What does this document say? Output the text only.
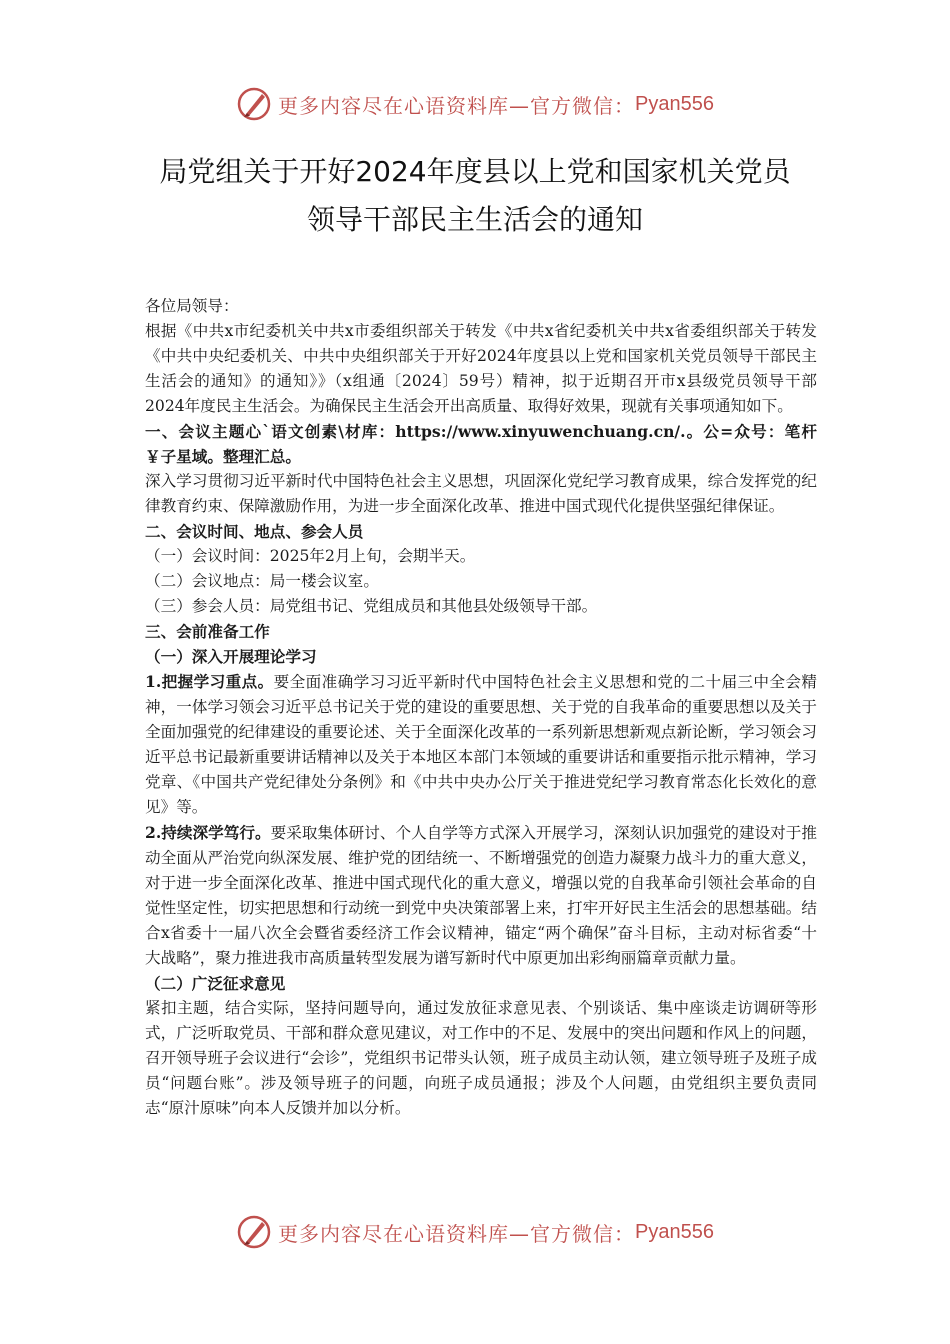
更多内容尽在心语资料库—官方微信： Pyan556
局党组关于开好2024年度县以上党和国家机关党员
领导干部民主生活会的通知

各位局领导：

根据《中共x市纪委机关中共x市委组织部关于转发《中共x省纪委机关中共x省委组织部关于转发《中共中央纪委机关、中共中央组织部关于开好2024年度县以上党和国家机关党员领导干部民主生活会的通知》的通知》》（x组通〔2024〕59号）精神，拟于近期召开市x县级党员领导干部2024年度民主生活会。为确保民主生活会开出高质量、取得好效果，现就有关事项通知如下。

一、会议主题心`语文创素\材库：https://www.xinyuwenchuang.cn/.。公=众号：笔杆￥子星域。整理汇总。

深入学习贯彻习近平新时代中国特色社会主义思想，巩固深化党纪学习教育成果，综合发挥党的纪律教育约束、保障激励作用，为进一步全面深化改革、推进中国式现代化提供坚强纪律保证。

二、会议时间、地点、参会人员

（一）会议时间：2025年2月上旬，会期半天。

（二）会议地点：局一楼会议室。

（三）参会人员：局党组书记、党组成员和其他县处级领导干部。

三、会前准备工作

（一）深入开展理论学习

1.把握学习重点。要全面准确学习习近平新时代中国特色社会主义思想和党的二十届三中全会精神，一体学习领会习近平总书记关于党的建设的重要思想、关于党的自我革命的重要思想以及关于全面加强党的纪律建设的重要论述、关于全面深化改革的一系列新思想新观点新论断，学习领会习近平总书记最新重要讲话精神以及关于本地区本部门本领域的重要讲话和重要指示批示精神，学习党章、《中国共产党纪律处分条例》和《中共中央办公厅关于推进党纪学习教育常态化长效化的意见》等。

2.持续深学笃行。要采取集体研讨、个人自学等方式深入开展学习，深刻认识加强党的建设对于推动全面从严治党向纵深发展、维护党的团结统一、不断增强党的创造力凝聚力战斗力的重大意义，对于进一步全面深化改革、推进中国式现代化的重大意义，增强以党的自我革命引领社会革命的自觉性坚定性，切实把思想和行动统一到党中央决策部署上来，打牢开好民主生活会的思想基础。结合x省委十一届八次全会暨省委经济工作会议精神，锚定“两个确保”奋斗目标，主动对标省委“十大战略”，聚力推进我市高质量转型发展为谱写新时代中原更加出彩绚丽篇章贡献力量。

（二）广泛征求意见

紧扣主题，结合实际，坚持问题导向，通过发放征求意见表、个别谈话、集中座谈走访调研等形式，广泛听取党员、干部和群众意见建议，对工作中的不足、发展中的突出问题和作风上的问题，召开领导班子会议进行“会诊”，党组织书记带头认领，班子成员主动认领，建立领导班子及班子成员“问题台账”。涉及领导班子的问题，向班子成员通报；涉及个人问题，由党组织主要负责同志“原汁原味”向本人反馈并加以分析。

更多内容尽在心语资料库—官方微信： Pyan556
